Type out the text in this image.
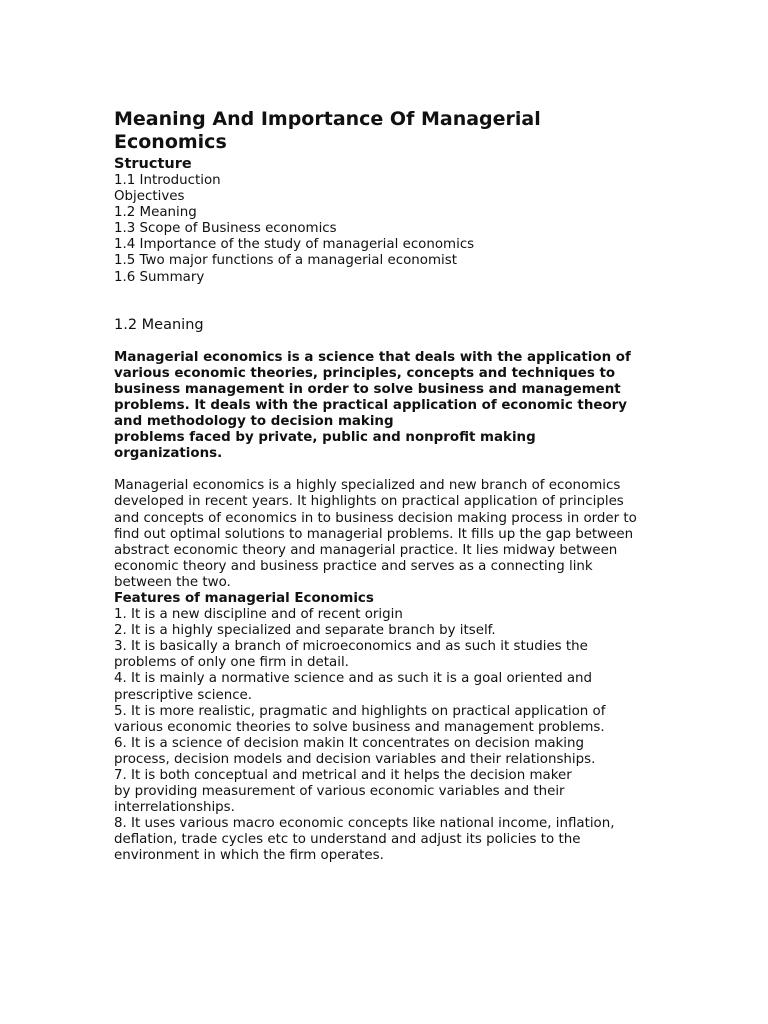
Meaning And Importance Of Managerial
Economics
Structure
1.1 Introduction
Objectives
1.2 Meaning
1.3 Scope of Business economics
1.4 Importance of the study of managerial economics
1.5 Two major functions of a managerial economist
1.6 Summary
1.2 Meaning
Managerial economics is a science that deals with the application of
various economic theories, principles, concepts and techniques to
business management in order to solve business and management
problems. It deals with the practical application of economic theory
and methodology to decision making
problems faced by private, public and nonprofit making
organizations.
Managerial economics is a highly specialized and new branch of economics
developed in recent years. It highlights on practical application of principles
and concepts of economics in to business decision making process in order to
find out optimal solutions to managerial problems. It fills up the gap between
abstract economic theory and managerial practice. It lies midway between
economic theory and business practice and serves as a connecting link
between the two.
Features of managerial Economics
1. It is a new discipline and of recent origin
2. It is a highly specialized and separate branch by itself.
3. It is basically a branch of microeconomics and as such it studies the
problems of only one firm in detail.
4. It is mainly a normative science and as such it is a goal oriented and
prescriptive science.
5. It is more realistic, pragmatic and highlights on practical application of
various economic theories to solve business and management problems.
6. It is a science of decision makin It concentrates on decision making
process, decision models and decision variables and their relationships.
7. It is both conceptual and metrical and it helps the decision maker
by providing measurement of various economic variables and their
interrelationships.
8. It uses various macro economic concepts like national income, inflation,
deflation, trade cycles etc to understand and adjust its policies to the
environment in which the firm operates.
